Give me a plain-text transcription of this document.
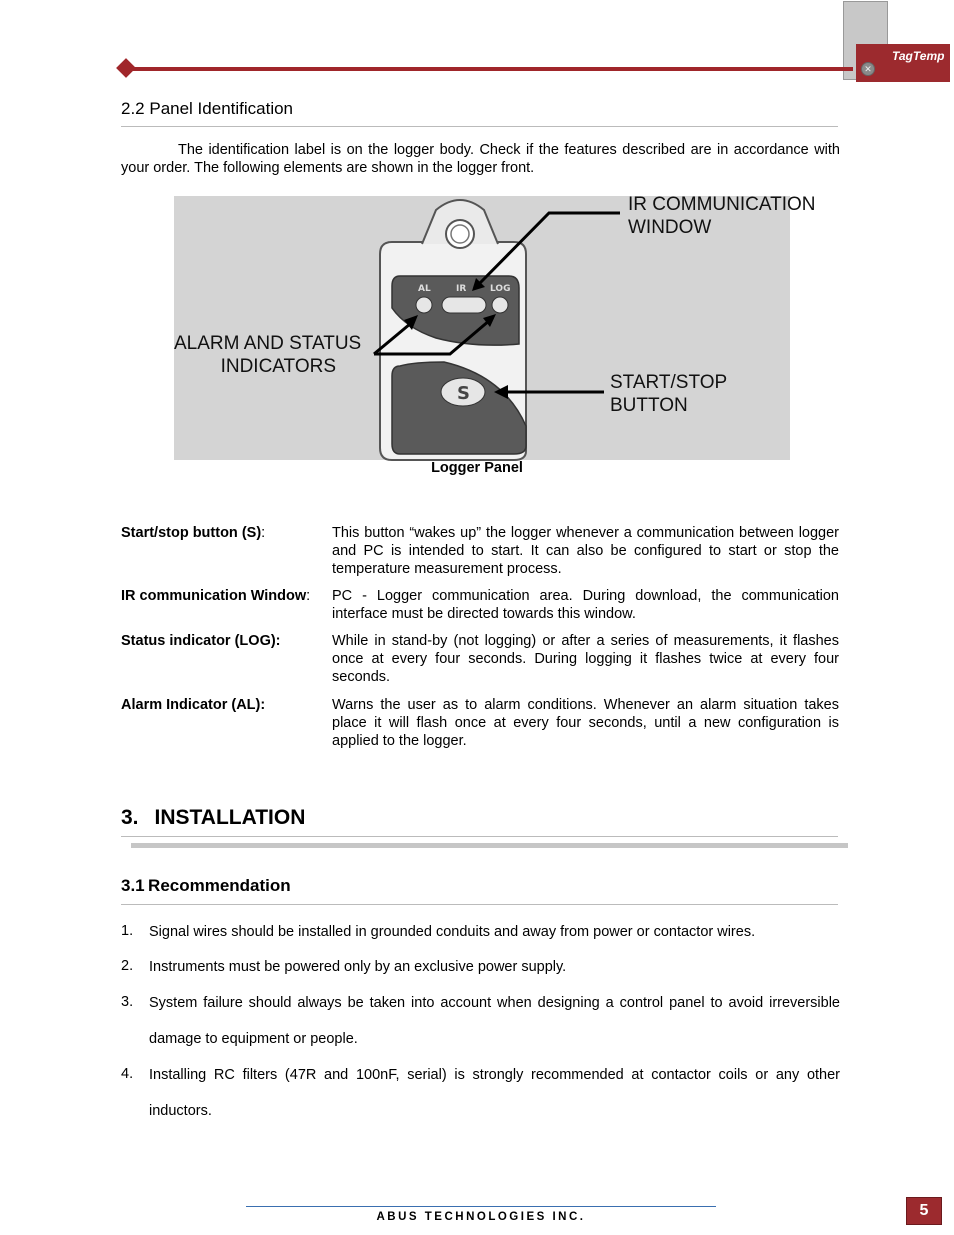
TagTemp
✕
2.2 Panel Identification
The identification label is on the logger body. Check if the features described are in accordance with your order. The following elements are shown in the logger front.
AL	IR	LOG
S
IR COMMUNICATION
WINDOW
ALARM AND STATUS
INDICATORS
START/STOP
BUTTON
Logger Panel
Start/stop button (S):	This button “wakes up” the logger whenever a communication between logger and PC is intended to start. It can also be configured to start or stop the temperature measurement process.
IR communication Window:	PC - Logger communication area. During download, the communication interface must be directed towards this window.
Status indicator (LOG):	While in stand-by (not logging) or after a series of measurements, it flashes once at every four seconds. During logging it flashes twice at every four seconds.
Alarm Indicator (AL):	Warns the user as to alarm conditions. Whenever an alarm situation takes place it will flash once at every four seconds, until a new configuration is applied to the logger.
3. INSTALLATION
3.1 Recommendation
1. Signal wires should be installed in grounded conduits and away from power or contactor wires.
2. Instruments must be powered only by an exclusive power supply.
3. System failure should always be taken into account when designing a control panel to avoid irreversible damage to equipment or people.
4. Installing RC filters (47R and 100nF, serial) is strongly recommended at contactor coils or any other inductors.
ABUS TECHNOLOGIES INC.	5
